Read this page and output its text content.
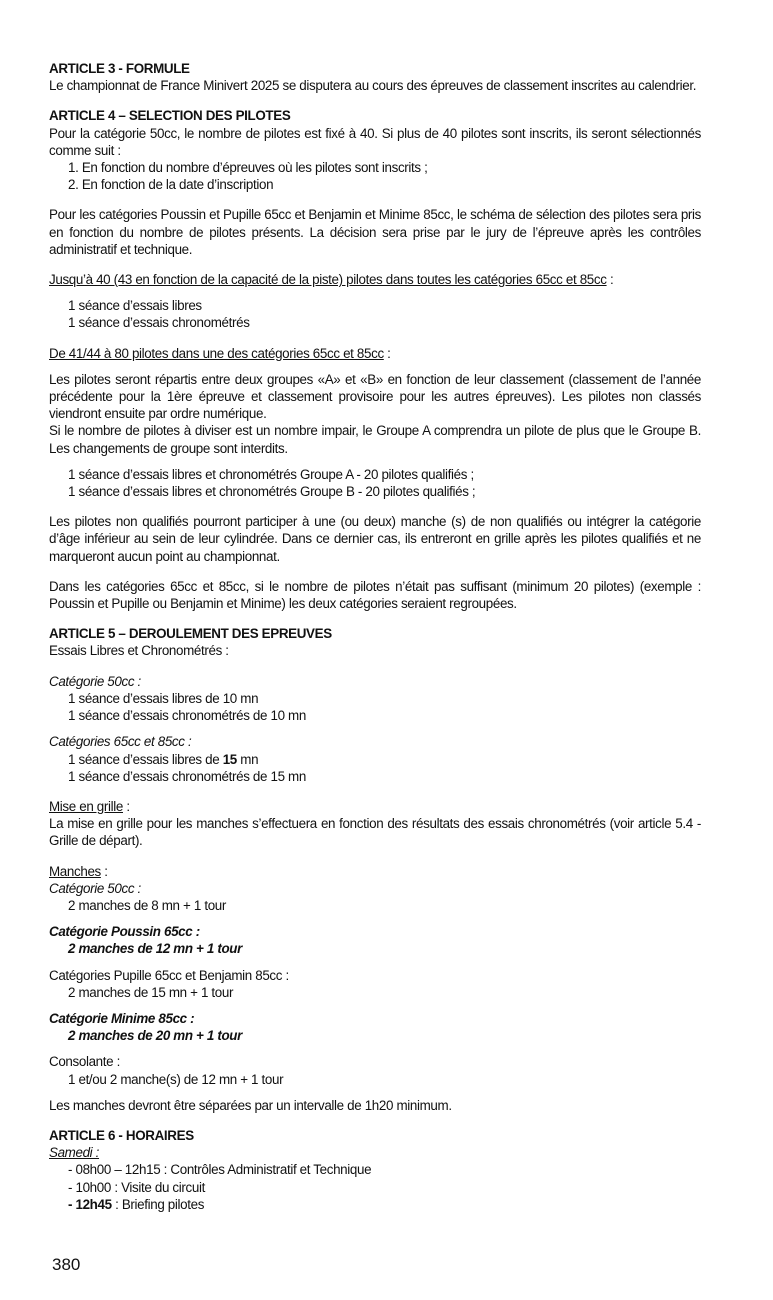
ARTICLE 3 - FORMULE

Le championnat de France Minivert 2025 se disputera au cours des épreuves de classement inscrites au calendrier.

ARTICLE 4 – SELECTION DES PILOTES

Pour la catégorie 50cc, le nombre de pilotes est fixé à 40. Si plus de 40 pilotes sont inscrits, ils seront sélectionnés comme suit :

1. En fonction du nombre d’épreuves où les pilotes sont inscrits ;

2. En fonction de la date d’inscription

Pour les catégories Poussin et Pupille 65cc et Benjamin et Minime 85cc, le schéma de sélection des pilotes sera pris en fonction du nombre de pilotes présents. La décision sera prise par le jury de l’épreuve après les contrôles administratif et technique.

Jusqu’à 40 (43 en fonction de la capacité de la piste) pilotes dans toutes les catégories 65cc et 85cc :

1 séance d’essais libres

1 séance d’essais chronométrés

De 41/44 à 80 pilotes dans une des catégories 65cc et 85cc :

Les pilotes seront répartis entre deux groupes «A» et «B» en fonction de leur classement (classement de l’année précédente pour la 1ère épreuve et classement provisoire pour les autres épreuves). Les pilotes non classés viendront ensuite par ordre numérique.

Si le nombre de pilotes à diviser est un nombre impair, le Groupe A comprendra un pilote de plus que le Groupe B. Les changements de groupe sont interdits.

1 séance d’essais libres et chronométrés Groupe A - 20 pilotes qualifiés ;

1 séance d’essais libres et chronométrés Groupe B - 20 pilotes qualifiés ;

Les pilotes non qualifiés pourront participer à une (ou deux) manche (s) de non qualifiés ou intégrer la catégorie d’âge inférieur au sein de leur cylindrée. Dans ce dernier cas, ils entreront en grille après les pilotes qualifiés et ne marqueront aucun point au championnat.

Dans les catégories 65cc et 85cc, si le nombre de pilotes n’était pas suffisant (minimum 20 pilotes) (exemple : Poussin et Pupille ou Benjamin et Minime) les deux catégories seraient regroupées.

ARTICLE 5 – DEROULEMENT DES EPREUVES

Essais Libres et Chronométrés :

Catégorie 50cc :

1 séance d’essais libres de 10 mn

1 séance d’essais chronométrés de 10 mn

Catégories 65cc et 85cc :

1 séance d’essais libres de 15 mn

1 séance d’essais chronométrés de 15 mn

Mise en grille :

La mise en grille pour les manches s’effectuera en fonction des résultats des essais chronométrés (voir article 5.4 - Grille de départ).

Manches :

Catégorie 50cc :

2 manches de 8 mn + 1 tour

Catégorie Poussin 65cc :

2 manches de 12 mn + 1 tour

Catégories Pupille 65cc et Benjamin 85cc :

2 manches de 15 mn + 1 tour

Catégorie Minime 85cc :

2 manches de 20 mn + 1 tour

Consolante :

1 et/ou 2 manche(s) de 12 mn + 1 tour

Les manches devront être séparées par un intervalle de 1h20 minimum.

ARTICLE 6 - HORAIRES

Samedi :

- 08h00 – 12h15 : Contrôles Administratif et Technique

- 10h00 : Visite du circuit

- 12h45 : Briefing pilotes

380
